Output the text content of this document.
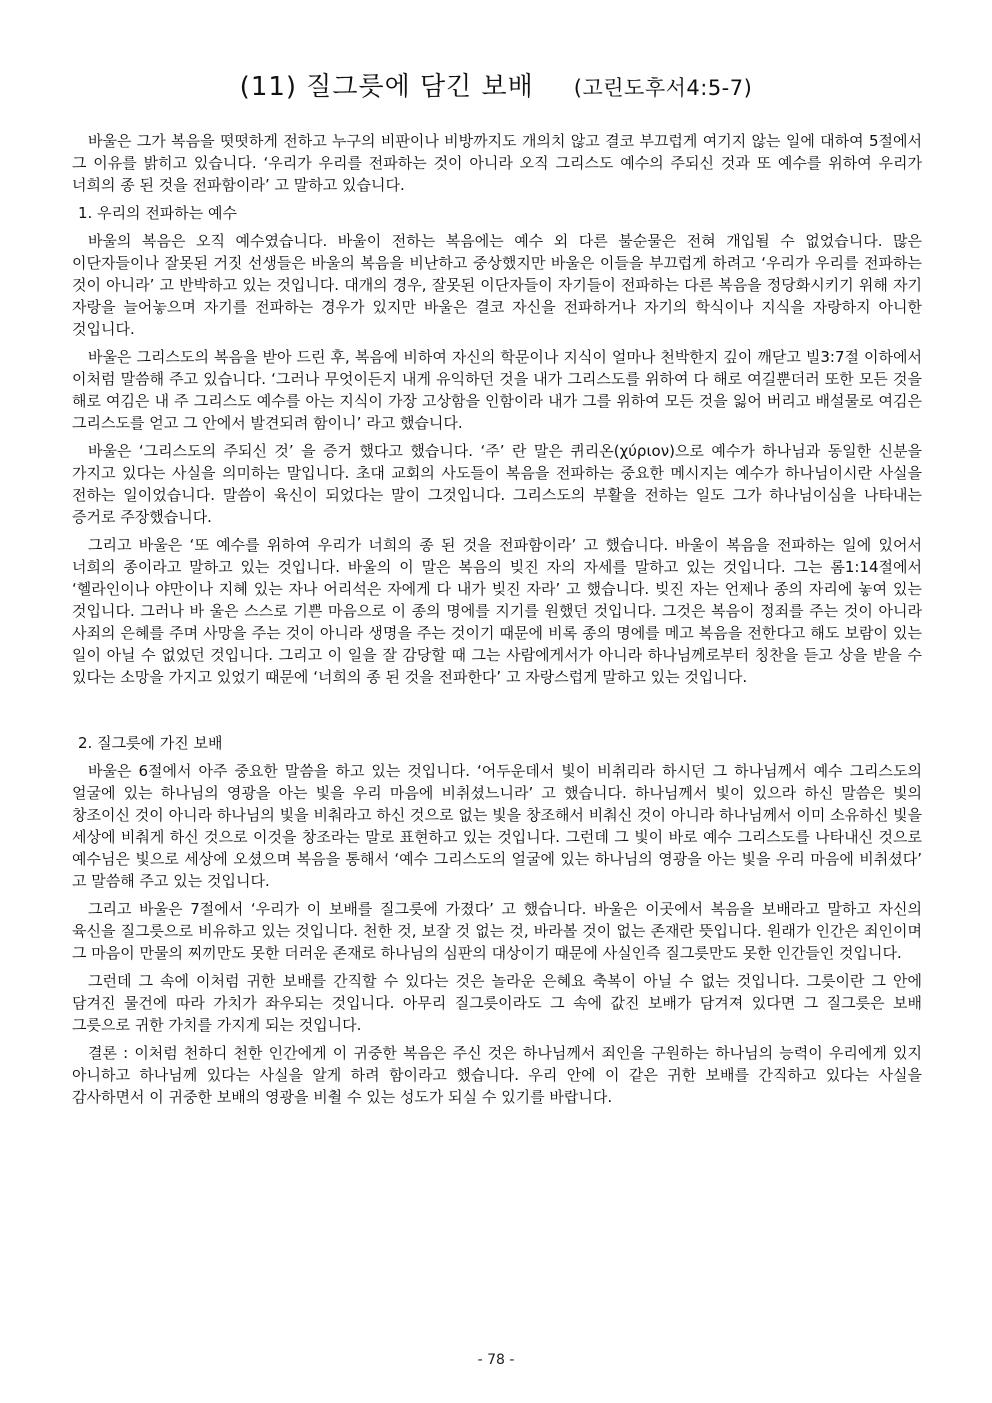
(11) 질그릇에 담긴 보배 (고린도후서4:5-7)

바울은 그가 복음을 떳떳하게 전하고 누구의 비판이나 비방까지도 개의치 않고 결코 부끄럽게 여기지 않는 일에 대하여 5절에서 그 이유를 밝히고 있습니다. ‘우리가 우리를 전파하는 것이 아니라 오직 그리스도 예수의 주되신 것과 또 예수를 위하여 우리가 너희의 종 된 것을 전파함이라’ 고 말하고 있습니다.

1. 우리의 전파하는 예수

바울의 복음은 오직 예수였습니다. 바울이 전하는 복음에는 예수 외 다른 불순물은 전혀 개입될 수 없었습니다. 많은 이단자들이나 잘못된 거짓 선생들은 바울의 복음을 비난하고 중상했지만 바울은 이들을 부끄럽게 하려고 ‘우리가 우리를 전파하는 것이 아니라’ 고 반박하고 있는 것입니다. 대개의 경우, 잘못된 이단자들이 자기들이 전파하는 다른 복음을 정당화시키기 위해 자기 자랑을 늘어놓으며 자기를 전파하는 경우가 있지만 바울은 결코 자신을 전파하거나 자기의 학식이나 지식을 자랑하지 아니한 것입니다.

바울은 그리스도의 복음을 받아 드린 후, 복음에 비하여 자신의 학문이나 지식이 얼마나 천박한지 깊이 깨닫고 빌3:7절 이하에서 이처럼 말씀해 주고 있습니다. ‘그러나 무엇이든지 내게 유익하던 것을 내가 그리스도를 위하여 다 해로 여길뿐더러 또한 모든 것을 해로 여김은 내 주 그리스도 예수를 아는 지식이 가장 고상함을 인함이라 내가 그를 위하여 모든 것을 잃어 버리고 배설물로 여김은 그리스도를 얻고 그 안에서 발견되려 함이니’ 라고 했습니다.

바울은 ‘그리스도의 주되신 것’ 을 증거 했다고 했습니다. ‘주’ 란 말은 퀴리온(χύριον)으로 예수가 하나님과 동일한 신분을 가지고 있다는 사실을 의미하는 말입니다. 초대 교회의 사도들이 복음을 전파하는 중요한 메시지는 예수가 하나님이시란 사실을 전하는 일이었습니다. 말씀이 육신이 되었다는 말이 그것입니다. 그리스도의 부활을 전하는 일도 그가 하나님이심을 나타내는 증거로 주장했습니다.

그리고 바울은 ‘또 예수를 위하여 우리가 너희의 종 된 것을 전파함이라’ 고 했습니다. 바울이 복음을 전파하는 일에 있어서 너희의 종이라고 말하고 있는 것입니다. 바울의 이 말은 복음의 빚진 자의 자세를 말하고 있는 것입니다. 그는 롬1:14절에서 ‘헬라인이나 야만이나 지혜 있는 자나 어리석은 자에게 다 내가 빚진 자라’ 고 했습니다. 빚진 자는 언제나 종의 자리에 놓여 있는 것입니다. 그러나 바 울은 스스로 기쁜 마음으로 이 종의 명에를 지기를 원했던 것입니다. 그것은 복음이 정죄를 주는 것이 아니라 사죄의 은혜를 주며 사망을 주는 것이 아니라 생명을 주는 것이기 때문에 비록 종의 명에를 메고 복음을 전한다고 해도 보람이 있는 일이 아닐 수 없었던 것입니다. 그리고 이 일을 잘 감당할 때 그는 사람에게서가 아니라 하나님께로부터 칭찬을 듣고 상을 받을 수 있다는 소망을 가지고 있었기 때문에 ‘너희의 종 된 것을 전파한다’ 고 자랑스럽게 말하고 있는 것입니다.

2. 질그릇에 가진 보배

바울은 6절에서 아주 중요한 말씀을 하고 있는 것입니다. ‘어두운데서 빛이 비취리라 하시던 그 하나님께서 예수 그리스도의 얼굴에 있는 하나님의 영광을 아는 빛을 우리 마음에 비취셨느니라’ 고 했습니다. 하나님께서 빛이 있으라 하신 말씀은 빛의 창조이신 것이 아니라 하나님의 빛을 비춰라고 하신 것으로 없는 빛을 창조해서 비춰신 것이 아니라 하나님께서 이미 소유하신 빛을 세상에 비춰게 하신 것으로 이것을 창조라는 말로 표현하고 있는 것입니다. 그런데 그 빛이 바로 예수 그리스도를 나타내신 것으로 예수님은 빛으로 세상에 오셨으며 복음을 통해서 ‘예수 그리스도의 얼굴에 있는 하나님의 영광을 아는 빛을 우리 마음에 비취셨다’ 고 말씀해 주고 있는 것입니다.

그리고 바울은 7절에서 ‘우리가 이 보배를 질그릇에 가졌다’ 고 했습니다. 바울은 이곳에서 복음을 보배라고 말하고 자신의 육신을 질그릇으로 비유하고 있는 것입니다. 천한 것, 보잘 것 없는 것, 바라볼 것이 없는 존재란 뜻입니다. 원래가 인간은 죄인이며 그 마음이 만물의 찌끼만도 못한 더러운 존재로 하나님의 심판의 대상이기 때문에 사실인즉 질그릇만도 못한 인간들인 것입니다.

그런데 그 속에 이처럼 귀한 보배를 간직할 수 있다는 것은 놀라운 은혜요 축복이 아닐 수 없는 것입니다. 그릇이란 그 안에 담겨진 물건에 따라 가치가 좌우되는 것입니다. 아무리 질그릇이라도 그 속에 값진 보배가 담겨져 있다면 그 질그릇은 보배 그릇으로 귀한 가치를 가지게 되는 것입니다.

결론 : 이처럼 천하디 천한 인간에게 이 귀중한 복음은 주신 것은 하나님께서 죄인을 구원하는 하나님의 능력이 우리에게 있지 아니하고 하나님께 있다는 사실을 알게 하려 함이라고 했습니다. 우리 안에 이 같은 귀한 보배를 간직하고 있다는 사실을 감사하면서 이 귀중한 보배의 영광을 비췰 수 있는 성도가 되실 수 있기를 바랍니다.

- 78 -
